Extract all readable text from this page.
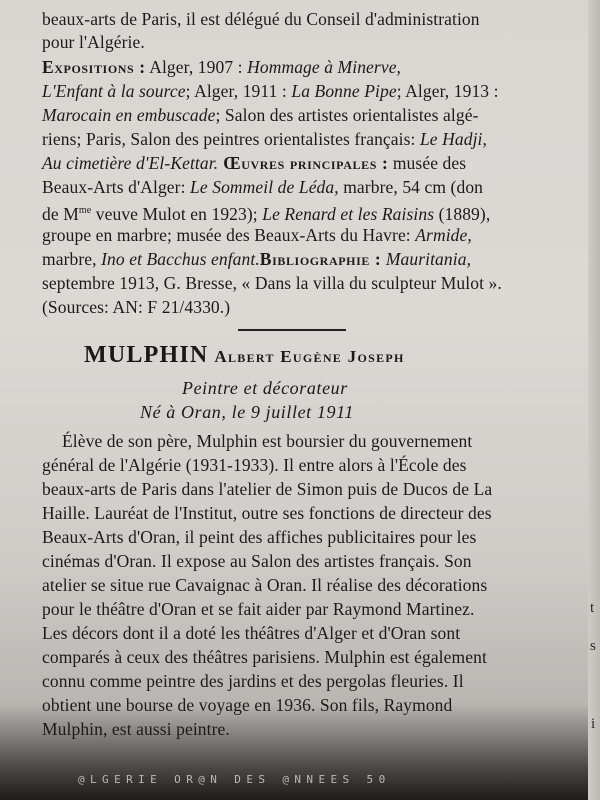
t
s
i
beaux-arts de Paris, il est délégué du Conseil d'administration
pour l'Algérie.
Expositions : Alger, 1907 : Hommage à Minerve,
L'Enfant à la source; Alger, 1911 : La Bonne Pipe; Alger, 1913 :
Marocain en embuscade; Salon des artistes orientalistes algé-
riens; Paris, Salon des peintres orientalistes français: Le Hadji,
Au cimetière d'El-Kettar. Œuvres principales : musée des
Beaux-Arts d'Alger: Le Sommeil de Léda, marbre, 54 cm (don
de $M^{me}$ veuve Mulot en 1923); Le Renard et les Raisins (1889),
groupe en marbre; musée des Beaux-Arts du Havre: Armide,
marbre, Ino et Bacchus enfant.Bibliographie : Mauritania,
septembre 1913, G. Bresse, « Dans la villa du sculpteur Mulot ».
(Sources: AN: F 21/4330.)
MULPHIN Albert Eugène Joseph
Peintre et décorateur
Né à Oran, le 9 juillet 1911
Élève de son père, Mulphin est boursier du gouvernement
général de l'Algérie (1931-1933). Il entre alors à l'École des
beaux-arts de Paris dans l'atelier de Simon puis de Ducos de La
Haille. Lauréat de l'Institut, outre ses fonctions de directeur des
Beaux-Arts d'Oran, il peint des affiches publicitaires pour les
cinémas d'Oran. Il expose au Salon des artistes français. Son
atelier se situe rue Cavaignac à Oran. Il réalise des décorations
pour le théâtre d'Oran et se fait aider par Raymond Martinez.
Les décors dont il a doté les théâtres d'Alger et d'Oran sont
comparés à ceux des théâtres parisiens. Mulphin est également
connu comme peintre des jardins et des pergolas fleuries. Il
obtient une bourse de voyage en 1936. Son fils, Raymond
Mulphin, est aussi peintre.
@LGERIE OR@N DES @NNEES 50
